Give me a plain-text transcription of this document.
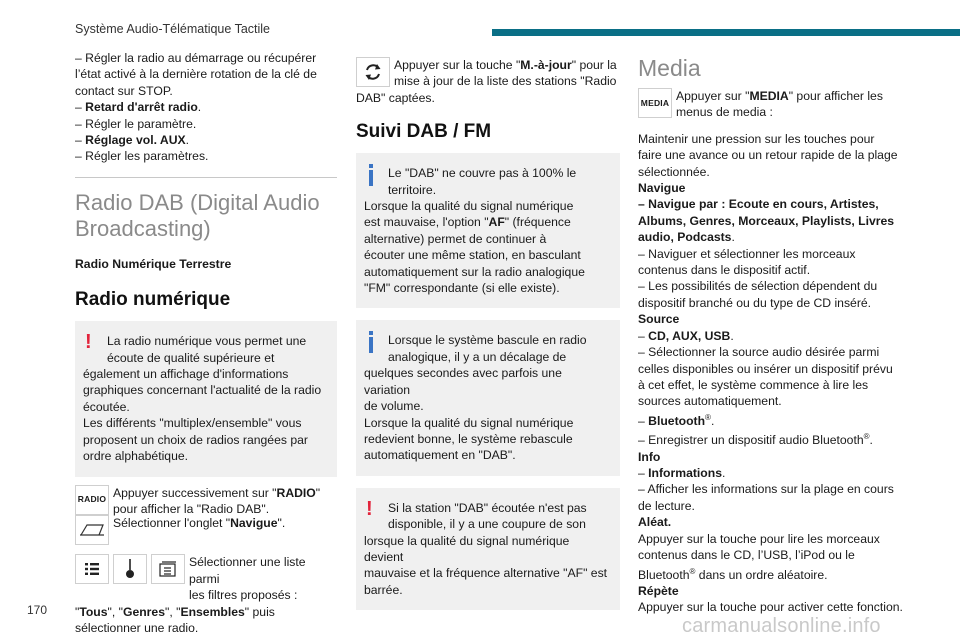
Système Audio-Télématique Tactile

– Régler la radio au démarrage ou récupérer

l’état activé à la dernière rotation de la clé de

contact sur STOP.

– Retard d'arrêt radio.

– Régler le paramètre.

– Réglage vol. AUX.

– Régler les paramètres.

Radio DAB (Digital Audio
Broadcasting)

Radio Numérique Terrestre

Radio numérique
!	La radio numérique vous permet une

écoute de qualité supérieure et

également un affichage d'informations

graphiques concernant l'actualité de la radio

écoutée.

Les différents "multiplex/ensemble" vous

proposent un choix de radios rangées par

ordre alphabétique.

RADIO Appuyer successivement sur "RADIO"

pour afficher la "Radio DAB".

Sélectionner l'onglet "Navigue".

Sélectionner une liste parmi

les filtres proposés :

"Tous", "Genres", "Ensembles" puis

sélectionner une radio.

Appuyer sur la touche "M.-à-jour" pour la

mise à jour de la liste des stations "Radio

DAB" captées.

Suivi DAB / FM

Le "DAB" ne couvre pas à 100% le

territoire.

Lorsque la qualité du signal numérique

est mauvaise, l'option "AF" (fréquence

alternative) permet de continuer à

écouter une même station, en basculant

automatiquement sur la radio analogique

"FM" correspondante (si elle existe).

Lorsque le système bascule en radio

analogique, il y a un décalage de

quelques secondes avec parfois une variation

de volume.

Lorsque la qualité du signal numérique

redevient bonne, le système rebascule

automatiquement en "DAB".

!	Si la station "DAB" écoutée n'est pas

disponible, il y a une coupure de son

lorsque la qualité du signal numérique devient

mauvaise et la fréquence alternative "AF" est

barrée.

Media
MEDIA Appuyer sur "MEDIA" pour afficher les

menus de media :

Maintenir une pression sur les touches pour

faire une avance ou un retour rapide de la plage

sélectionnée.

Navigue

– Navigue par : Ecoute en cours, Artistes,

Albums, Genres, Morceaux, Playlists, Livres

audio, Podcasts.

– Naviguer et sélectionner les morceaux

contenus dans le dispositif actif.

– Les possibilités de sélection dépendent du

dispositif branché ou du type de CD inséré.

Source

– CD, AUX, USB.

– Sélectionner la source audio désirée parmi

celles disponibles ou insérer un dispositif prévu

à cet effet, le système commence à lire les

sources automatiquement.

– Bluetooth®.

– Enregistrer un dispositif audio Bluetooth®.

Info

– Informations.

– Afficher les informations sur la plage en cours

de lecture.

Aléat.

Appuyer sur la touche pour lire les morceaux

contenus dans le CD, l’USB, l’iPod ou le

Bluetooth® dans un ordre aléatoire.

Répète

Appuyer sur la touche pour activer cette fonction.

170
carmanualsonline.info
